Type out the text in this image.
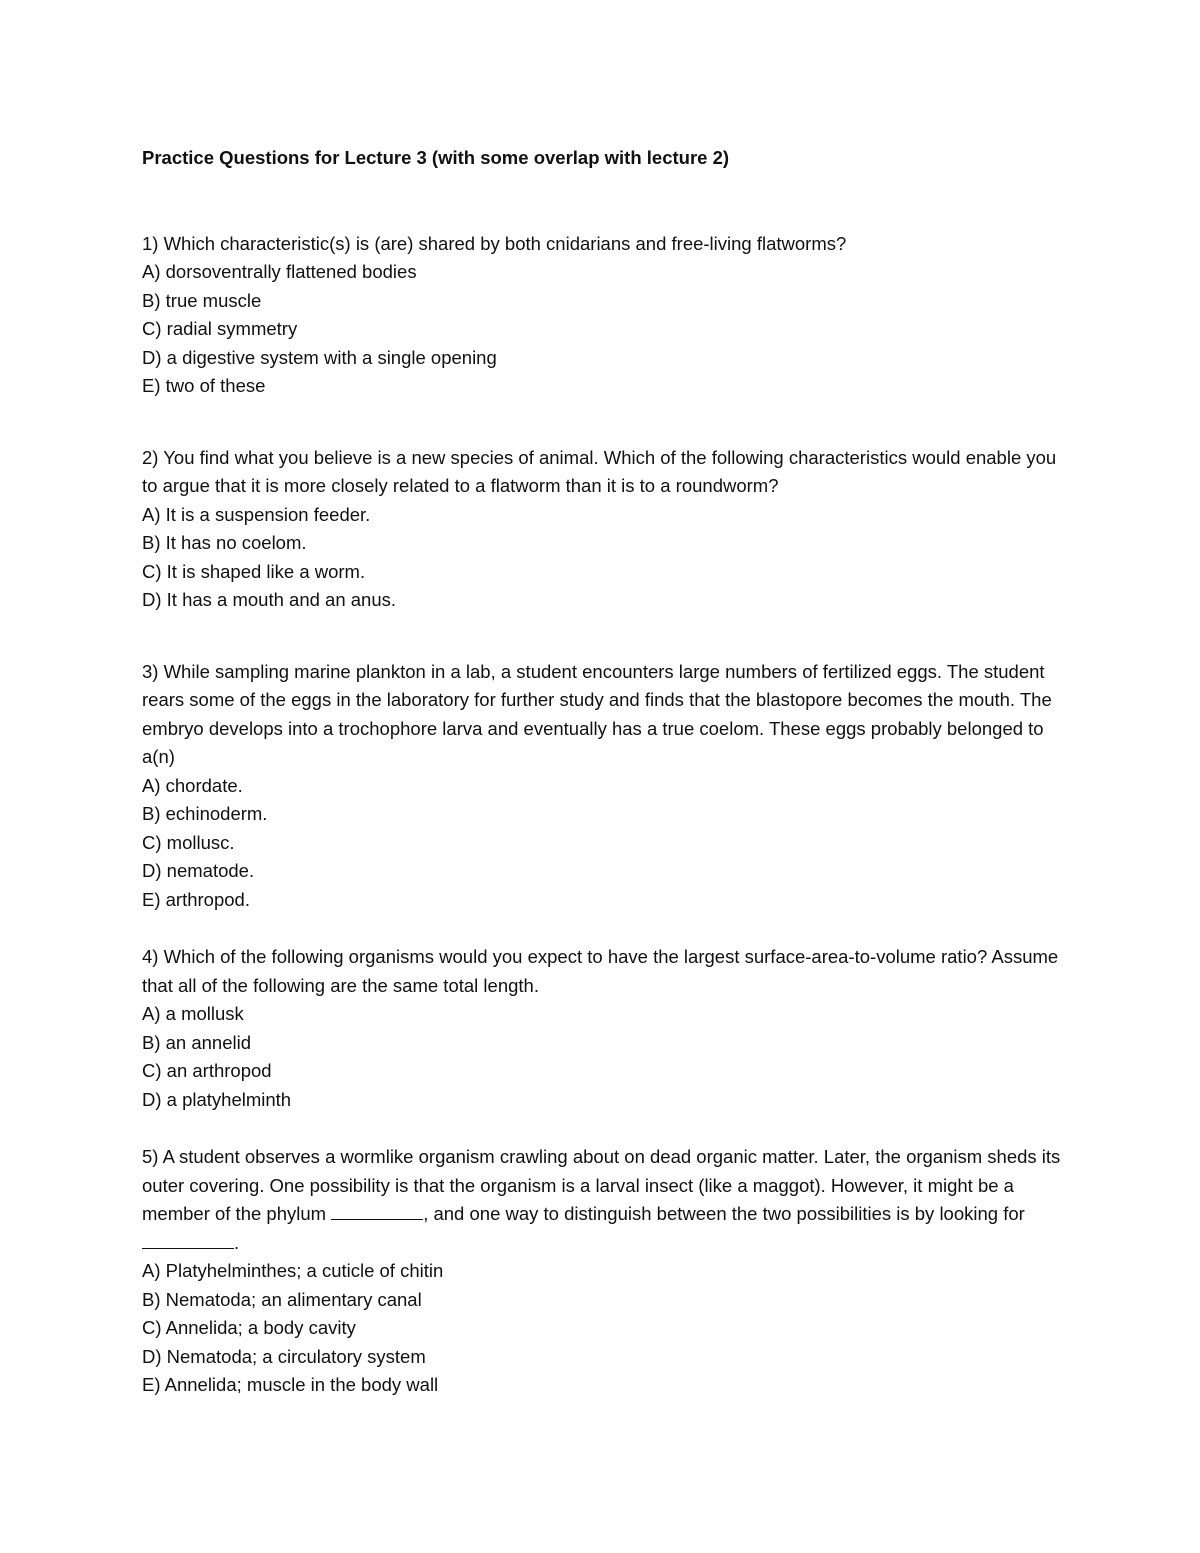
Practice Questions for Lecture 3 (with some overlap with lecture 2)

1) Which characteristic(s) is (are) shared by both cnidarians and free-living flatworms?

A) dorsoventrally flattened bodies
B) true muscle
C) radial symmetry
D) a digestive system with a single opening
E) two of these

2) You find what you believe is a new species of animal. Which of the following characteristics would enable you to argue that it is more closely related to a flatworm than it is to a roundworm?

A) It is a suspension feeder.
B) It has no coelom.
C) It is shaped like a worm.
D) It has a mouth and an anus.

3) While sampling marine plankton in a lab, a student encounters large numbers of fertilized eggs. The student rears some of the eggs in the laboratory for further study and finds that the blastopore becomes the mouth. The embryo develops into a trochophore larva and eventually has a true coelom. These eggs probably belonged to a(n)

A) chordate.
B) echinoderm.
C) mollusc.
D) nematode.
E) arthropod.

4) Which of the following organisms would you expect to have the largest surface-area-to-volume ratio? Assume that all of the following are the same total length.

A) a mollusk
B) an annelid
C) an arthropod
D) a platyhelminth

5) A student observes a wormlike organism crawling about on dead organic matter. Later, the organism sheds its outer covering. One possibility is that the organism is a larval insect (like a maggot). However, it might be a member of the phylum	, and one way to distinguish between the two possibilities is by looking for .

A) Platyhelminthes; a cuticle of chitin
B) Nematoda; an alimentary canal
C) Annelida; a body cavity
D) Nematoda; a circulatory system
E) Annelida; muscle in the body wall
